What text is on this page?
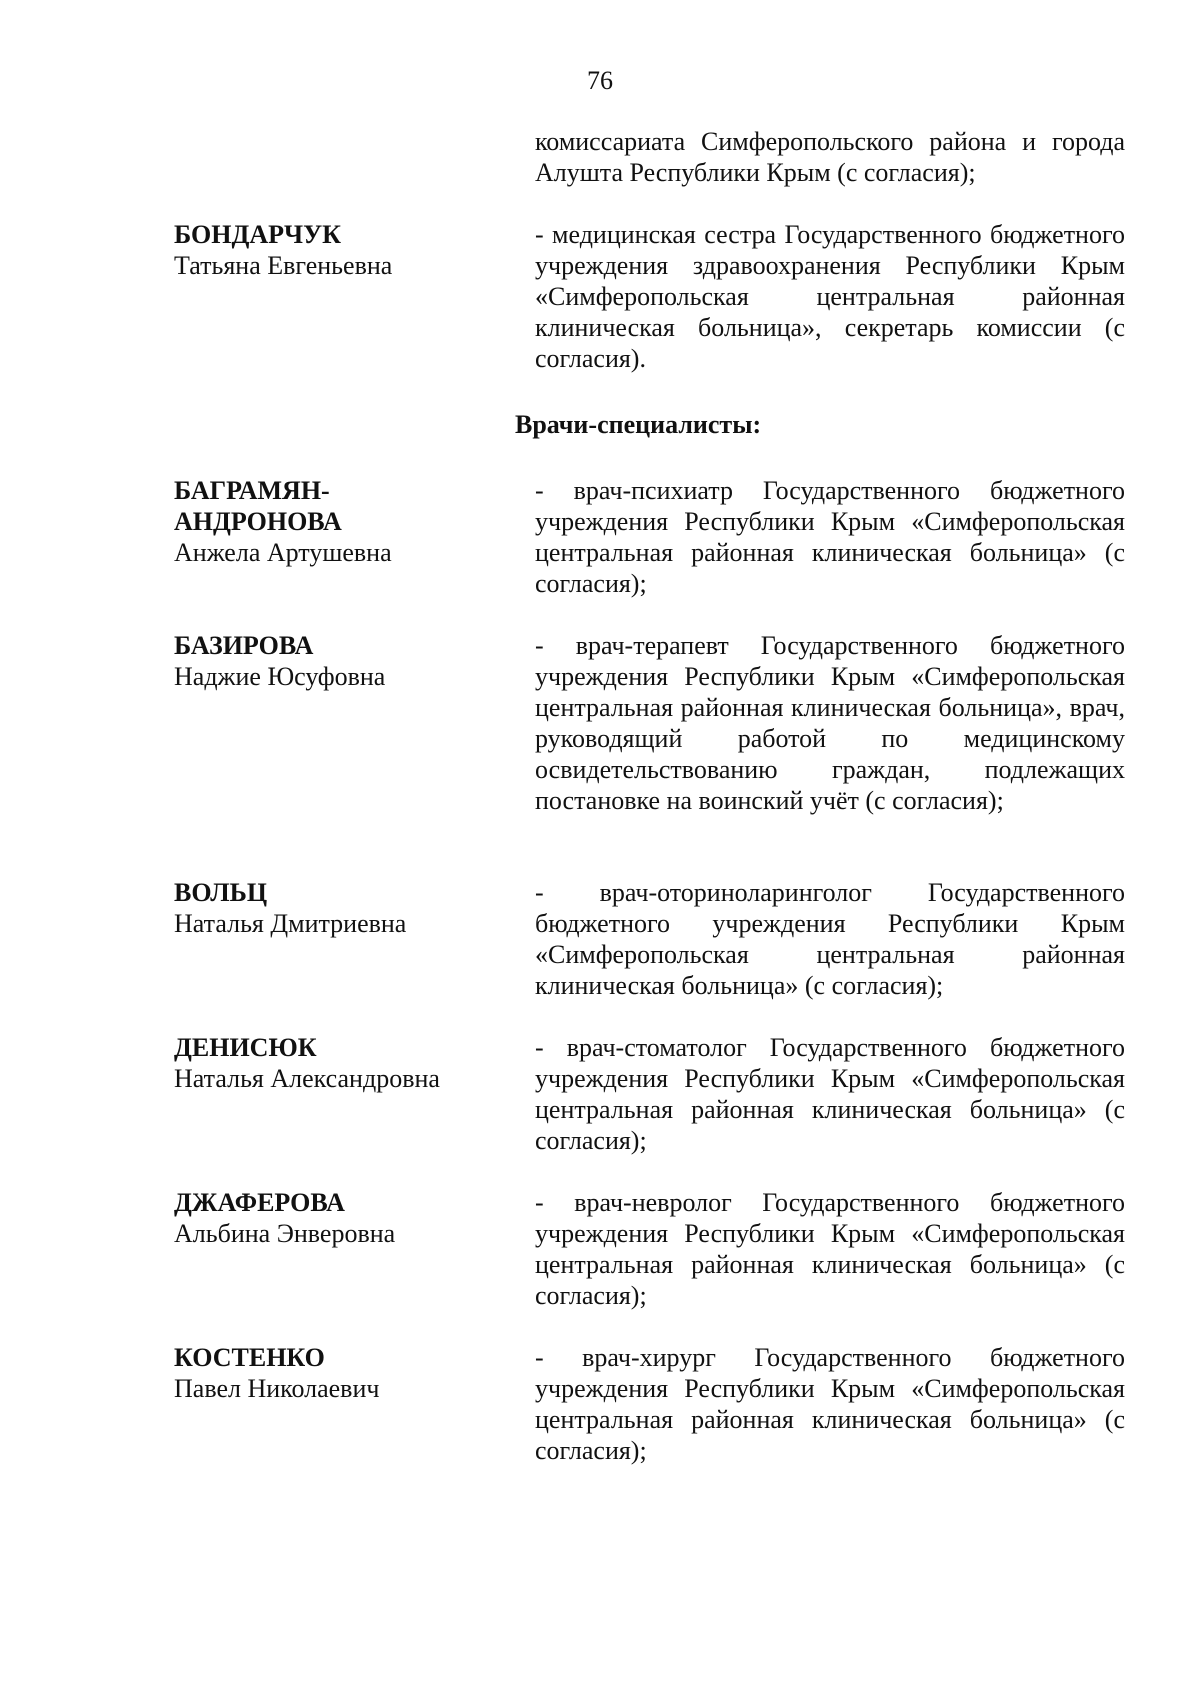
76
комиссариата Симферопольского района и города Алушта Республики Крым (с согласия);
БОНДАРЧУК
Татьяна Евгеньевна
- медицинская сестра Государственного бюджетного учреждения здравоохранения Республики Крым «Симферопольская центральная районная клиническая больница», секретарь комиссии (с согласия).
Врачи-специалисты:
БАГРАМЯН-
АНДРОНОВА
Анжела Артушевна
- врач-психиатр Государственного бюджетного учреждения Республики Крым «Симферопольская центральная районная клиническая больница» (с согласия);
БАЗИРОВА
Наджие Юсуфовна
- врач-терапевт Государственного бюджетного учреждения Республики Крым «Симферопольская центральная районная клиническая больница», врач, руководящий работой по медицинскому освидетельствованию граждан, подлежащих постановке на воинский учёт (с согласия);
ВОЛЬЦ
Наталья Дмитриевна
- врач-оториноларинголог Государственного бюджетного учреждения Республики Крым «Симферопольская центральная районная клиническая больница» (с согласия);
ДЕНИСЮК
Наталья Александровна
- врач-стоматолог Государственного бюджетного учреждения Республики Крым «Симферопольская центральная районная клиническая больница» (с согласия);
ДЖАФЕРОВА
Альбина Энверовна
- врач-невролог Государственного бюджетного учреждения Республики Крым «Симферопольская центральная районная клиническая больница» (с согласия);
КОСТЕНКО
Павел Николаевич
- врач-хирург Государственного бюджетного учреждения Республики Крым «Симферопольская центральная районная клиническая больница» (с согласия);
